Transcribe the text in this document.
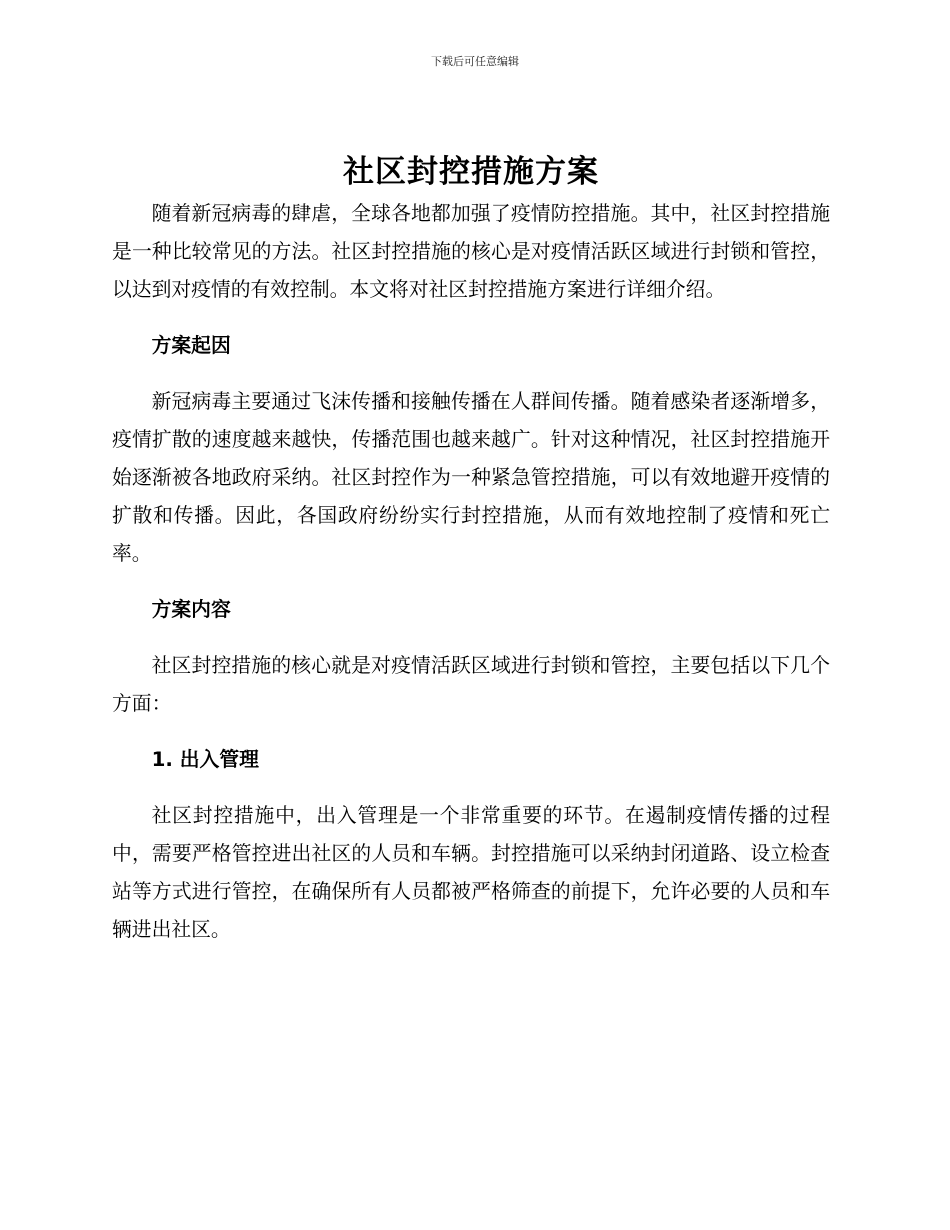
下载后可任意编辑
社区封控措施方案

随着新冠病毒的肆虐，全球各地都加强了疫情防控措施。其中，社区封控措施是一种比较常见的方法。社区封控措施的核心是对疫情活跃区域进行封锁和管控，以达到对疫情的有效控制。本文将对社区封控措施方案进行详细介绍。

方案起因

新冠病毒主要通过飞沫传播和接触传播在人群间传播。随着感染者逐渐增多，疫情扩散的速度越来越快，传播范围也越来越广。针对这种情况，社区封控措施开始逐渐被各地政府采纳。社区封控作为一种紧急管控措施，可以有效地避开疫情的扩散和传播。因此，各国政府纷纷实行封控措施，从而有效地控制了疫情和死亡率。

方案内容

社区封控措施的核心就是对疫情活跃区域进行封锁和管控，主要包括以下几个方面：

1. 出入管理

社区封控措施中，出入管理是一个非常重要的环节。在遏制疫情传播的过程中，需要严格管控进出社区的人员和车辆。封控措施可以采纳封闭道路、设立检查站等方式进行管控，在确保所有人员都被严格筛查的前提下，允许必要的人员和车辆进出社区。
